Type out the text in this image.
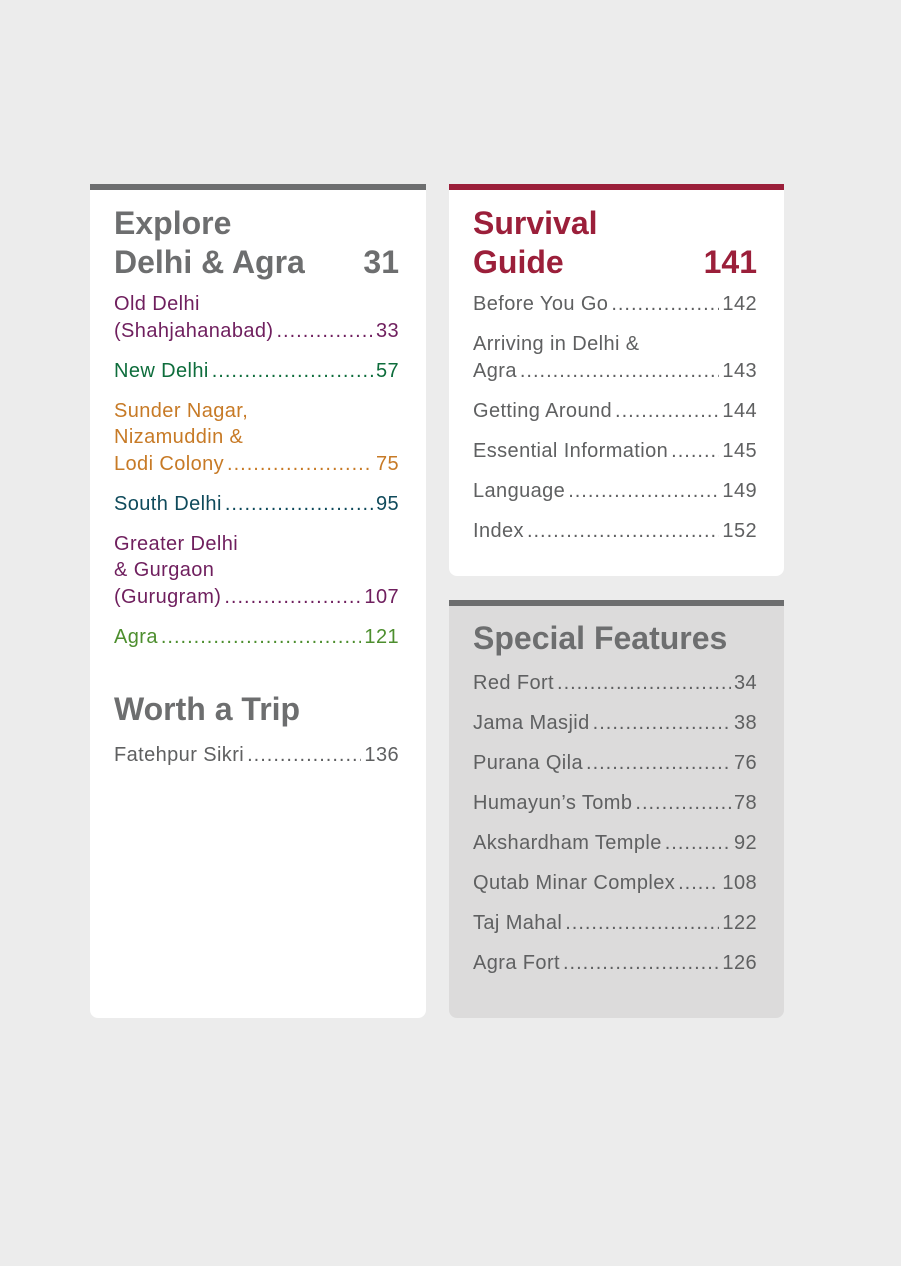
Explore
Delhi & Agra	31
Old Delhi
(Shahjahanabad) .....	33
New Delhi .....	57
Sunder Nagar,
Nizamuddin &
Lodi Colony .....	75
South Delhi .....	95
Greater Delhi
& Gurgaon
(Gurugram) .....	107
Agra .....	121
Worth a Trip
Fatehpur Sikri .....	136
Survival
Guide	141
Before You Go .....	142
Arriving in Delhi &
Agra .....	143
Getting Around .....	144
Essential Information .....	145
Language .....	149
Index .....	152
Special Features
Red Fort .....	34
Jama Masjid .....	38
Purana Qila .....	76
Humayun’s Tomb .....	78
Akshardham Temple .....	92
Qutab Minar Complex ..... 108
Taj Mahal .....	122
Agra Fort .....	126
